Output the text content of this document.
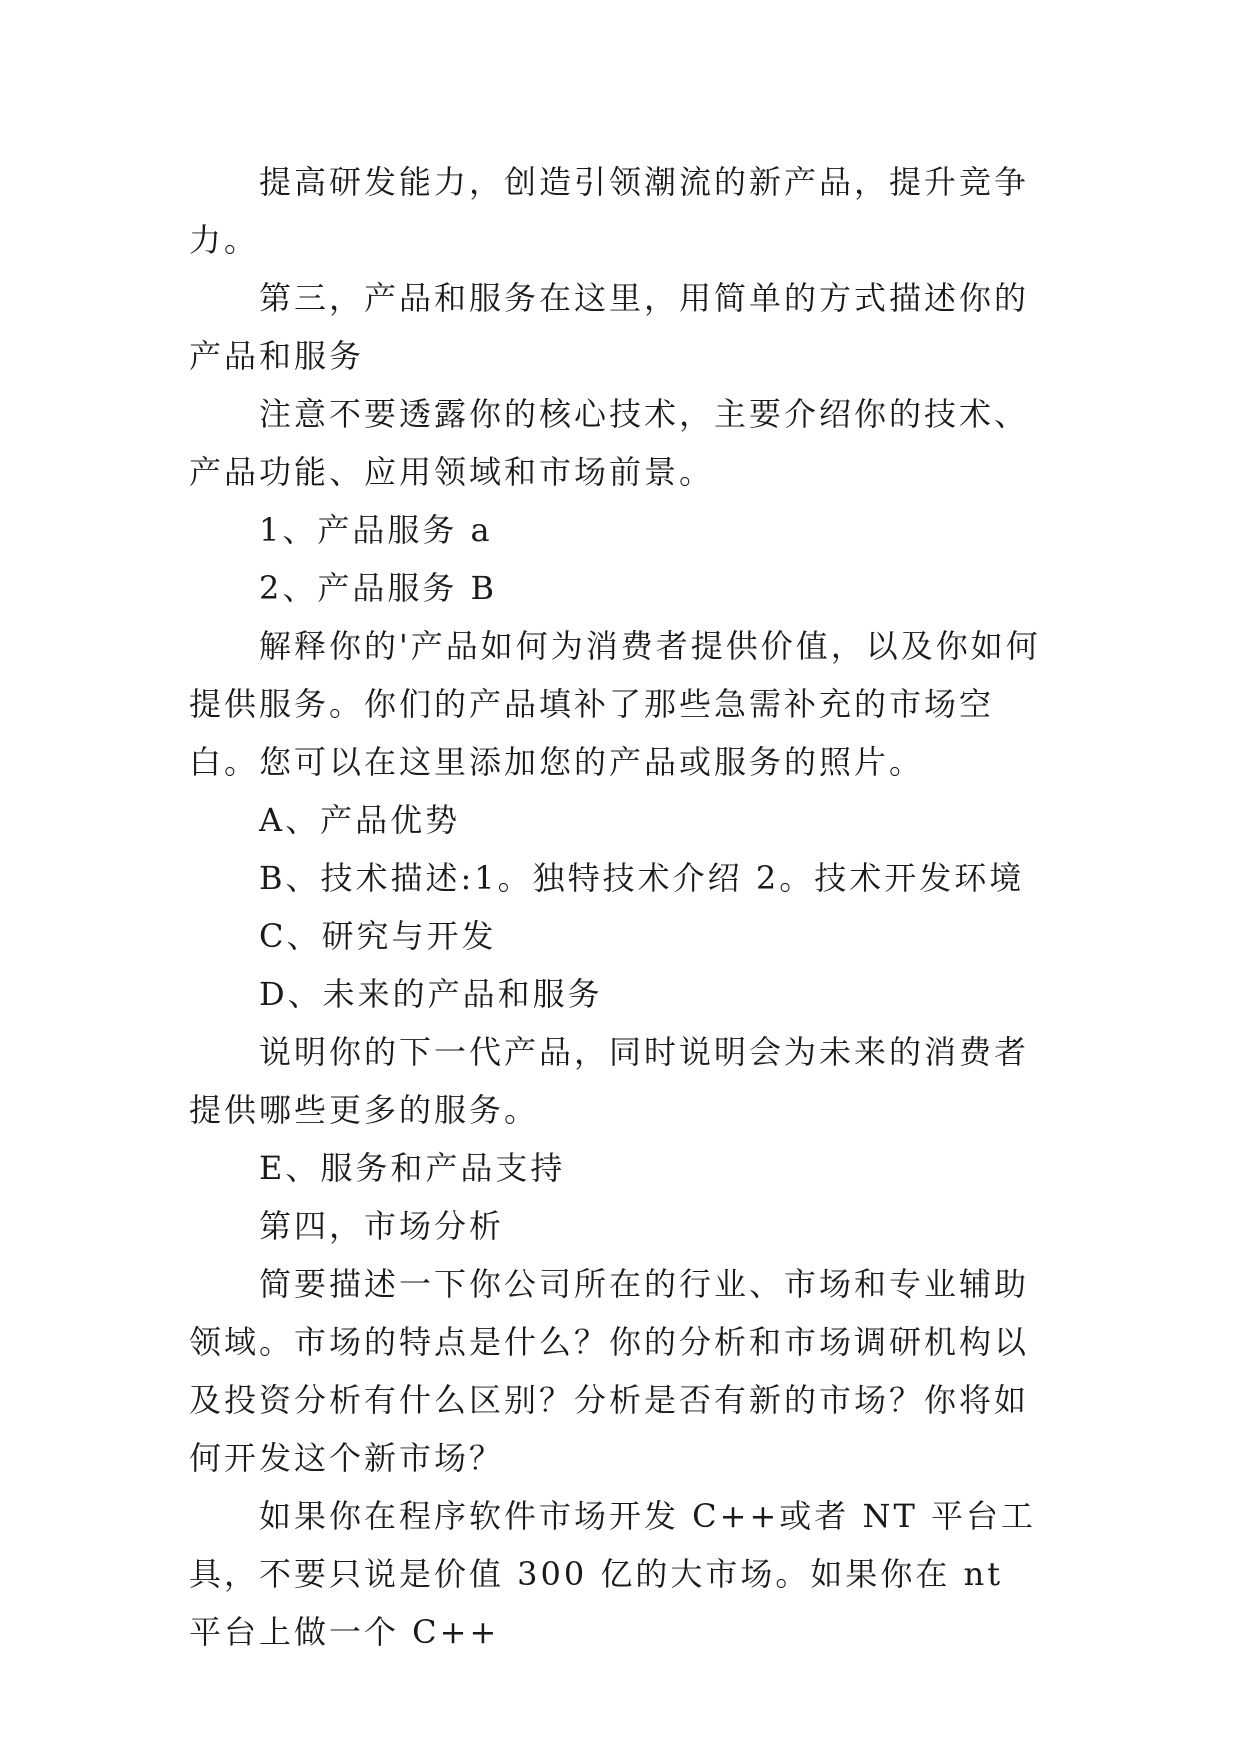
提高研发能力，创造引领潮流的新产品，提升竞争力。

第三，产品和服务在这里，用简单的方式描述你的产品和服务

注意不要透露你的核心技术，主要介绍你的技术、产品功能、应用领域和市场前景。

1、产品服务 a

2、产品服务 B

解释你的'产品如何为消费者提供价值，以及你如何提供服务。你们的产品填补了那些急需补充的市场空白。您可以在这里添加您的产品或服务的照片。

A、产品优势

B、技术描述:1。独特技术介绍 2。技术开发环境

C、研究与开发

D、未来的产品和服务

说明你的下一代产品，同时说明会为未来的消费者提供哪些更多的服务。

E、服务和产品支持

第四，市场分析

简要描述一下你公司所在的行业、市场和专业辅助领域。市场的特点是什么？你的分析和市场调研机构以及投资分析有什么区别？分析是否有新的市场？你将如何开发这个新市场？

如果你在程序软件市场开发 C++或者 NT 平台工具，不要只说是价值 300 亿的大市场。如果你在 nt 平台上做一个 C++
